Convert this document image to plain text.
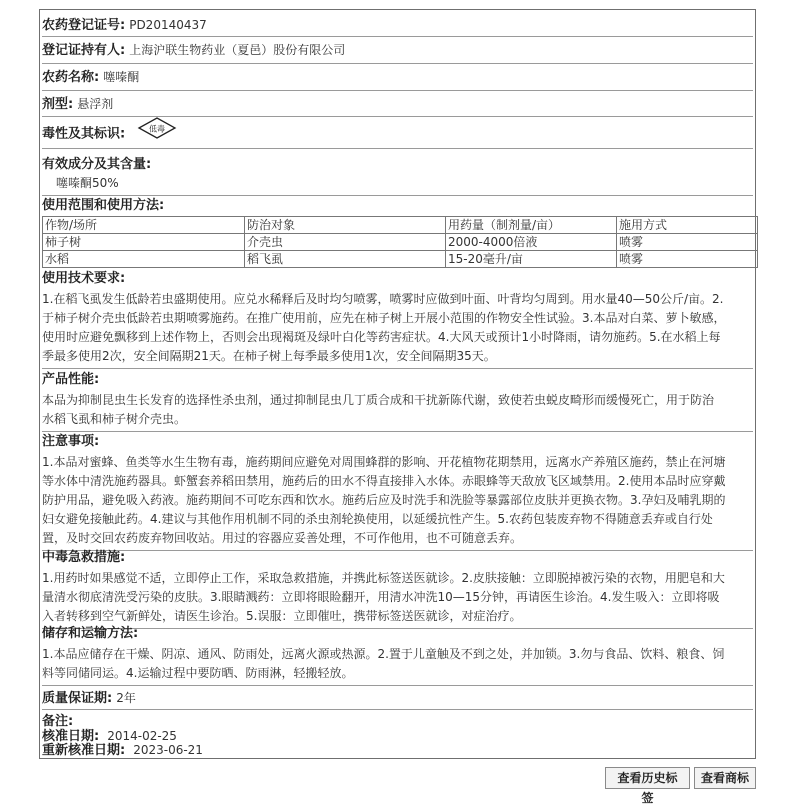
农药登记证号: PD20140437
登记证持有人: 上海沪联生物药业（夏邑）股份有限公司
农药名称: 噻嗪酮
剂型: 悬浮剂
毒性及其标识:	低毒
有效成分及其含量:
噻嗪酮50%
使用范围和使用方法:
作物/场所	防治对象	用药量（制剂量/亩）	施用方式
柿子树	介壳虫	2000-4000倍液	喷雾
水稻	稻飞虱	15-20毫升/亩	喷雾
使用技术要求:
1.在稻飞虱发生低龄若虫盛期使用。应兑水稀释后及时均匀喷雾，喷雾时应做到叶面、叶背均匀周到。用水量40—50公斤/亩。2.
于柿子树介壳虫低龄若虫期喷雾施药。在推广使用前，应先在柿子树上开展小范围的作物安全性试验。3.本品对白菜、萝卜敏感，
使用时应避免飘移到上述作物上，否则会出现褐斑及绿叶白化等药害症状。4.大风天或预计1小时降雨，请勿施药。5.在水稻上每
季最多使用2次，安全间隔期21天。在柿子树上每季最多使用1次，安全间隔期35天。
产品性能:
本品为抑制昆虫生长发育的选择性杀虫剂，通过抑制昆虫几丁质合成和干扰新陈代谢，致使若虫蜕皮畸形而缓慢死亡，用于防治
水稻飞虱和柿子树介壳虫。
注意事项:
1.本品对蜜蜂、鱼类等水生生物有毒，施药期间应避免对周围蜂群的影响、开花植物花期禁用，远离水产养殖区施药，禁止在河塘
等水体中清洗施药器具。虾蟹套养稻田禁用，施药后的田水不得直接排入水体。赤眼蜂等天敌放飞区域禁用。2.使用本品时应穿戴
防护用品，避免吸入药液。施药期间不可吃东西和饮水。施药后应及时洗手和洗脸等暴露部位皮肤并更换衣物。3.孕妇及哺乳期的
妇女避免接触此药。4.建议与其他作用机制不同的杀虫剂轮换使用，以延缓抗性产生。5.农药包装废弃物不得随意丢弃或自行处
置，及时交回农药废弃物回收站。用过的容器应妥善处理，不可作他用，也不可随意丢弃。
中毒急救措施:
1.用药时如果感觉不适，立即停止工作，采取急救措施，并携此标签送医就诊。2.皮肤接触：立即脱掉被污染的衣物，用肥皂和大
量清水彻底清洗受污染的皮肤。3.眼睛溅药：立即将眼睑翻开，用清水冲洗10—15分钟，再请医生诊治。4.发生吸入：立即将吸
入者转移到空气新鲜处，请医生诊治。5.误服：立即催吐，携带标签送医就诊，对症治疗。
储存和运输方法:
1.本品应储存在干燥、阴凉、通风、防雨处，远离火源或热源。2.置于儿童触及不到之处，并加锁。3.勿与食品、饮料、粮食、饲
料等同储同运。4.运输过程中要防晒、防雨淋，轻搬轻放。
质量保证期: 2年
备注:
核准日期: 2014-02-25
重新核准日期: 2023-06-21
查看历史标签
查看商标
